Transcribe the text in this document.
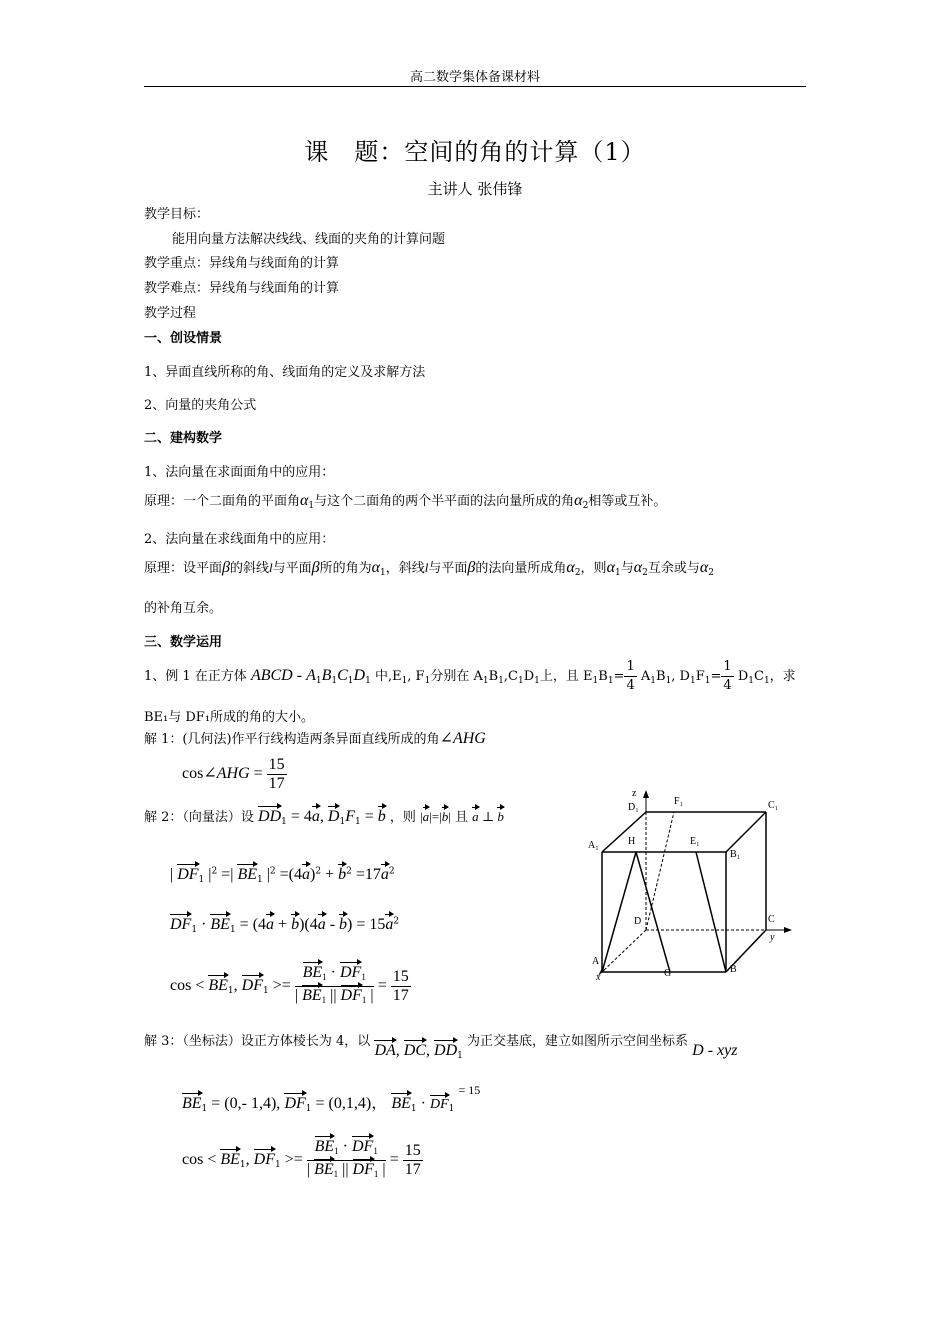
高二数学集体备课材料
课　题：空间的角的计算（1）
主讲人 张伟锋
教学目标：
能用向量方法解决线线、线面的夹角的计算问题
教学重点：异线角与线面角的计算
教学难点：异线角与线面角的计算
教学过程
一、创设情景
1、异面直线所称的角、线面角的定义及求解方法
2、向量的夹角公式
二、建构数学
1、法向量在求面面角中的应用：
原理：一个二面角的平面角$\alpha_1$与这个二面角的两个半平面的法向量所成的角$\alpha_2$相等或互补。
2、法向量在求线面角中的应用：
原理：设平面β的斜线l与平面β所的角为$\alpha_1$，斜线l与平面β的法向量所成角$\alpha_2$，则$\alpha_1$与$\alpha_2$互余或与$\alpha_2$
的补角互余。
三、数学运用
1、例 1 在正方体 ABCD - $A_1B_1C_1D_1$ 中$,E_1$, $F_1$分别在 $A_1B_1,C_1D_1$上，且 $E_1B_1= \frac{1}{4} A_1B_1$, $D_1F_1= \frac{1}{4} D_1C_1$，求
BE₁与 DF₁所成的角的大小。
解 1：(几何法)作平行线构造两条异面直线所成的角∠AHG
cos∠AHG = $\frac{15}{17}$
解 2：（向量法）设 $DD_1 = 4a$, $D_1F_1 = b$ ，则 |a|=|b| 且 a ⊥ b
| $DF_1$ $|^2$ =| $BE_1$ $|^2 =(4a)^2 + b^2 =17a^2$
$DF_1 \cdot BE_1 = (4a + b)(4a - b) = 15a^2$
$\cos < BE_1$, $DF_1 >= \frac{BE_1 \cdot DF_1}{| BE_1 || DF_1 |} = \frac{15}{17}$
解 3：（坐标法）设正方体棱长为 4，以 DA, DC, $DD_1$ 为正交基底，建立如图所示空间坐标系 D - xyz
$BE_1 = (0,-$ 1,4), $DF_1 = (0,1,4)$， $BE_1 \cdot DF_1 = 15$
$\cos < BE_1$, $DF_1 >= \frac{BE_1 \cdot DF_1}{| BE_1 || DF_1 |} = \frac{15}{17}$
z
D₁
F₁	C₁
A₁	H	E₁
B₁
D	C
y
A
G	B
x
